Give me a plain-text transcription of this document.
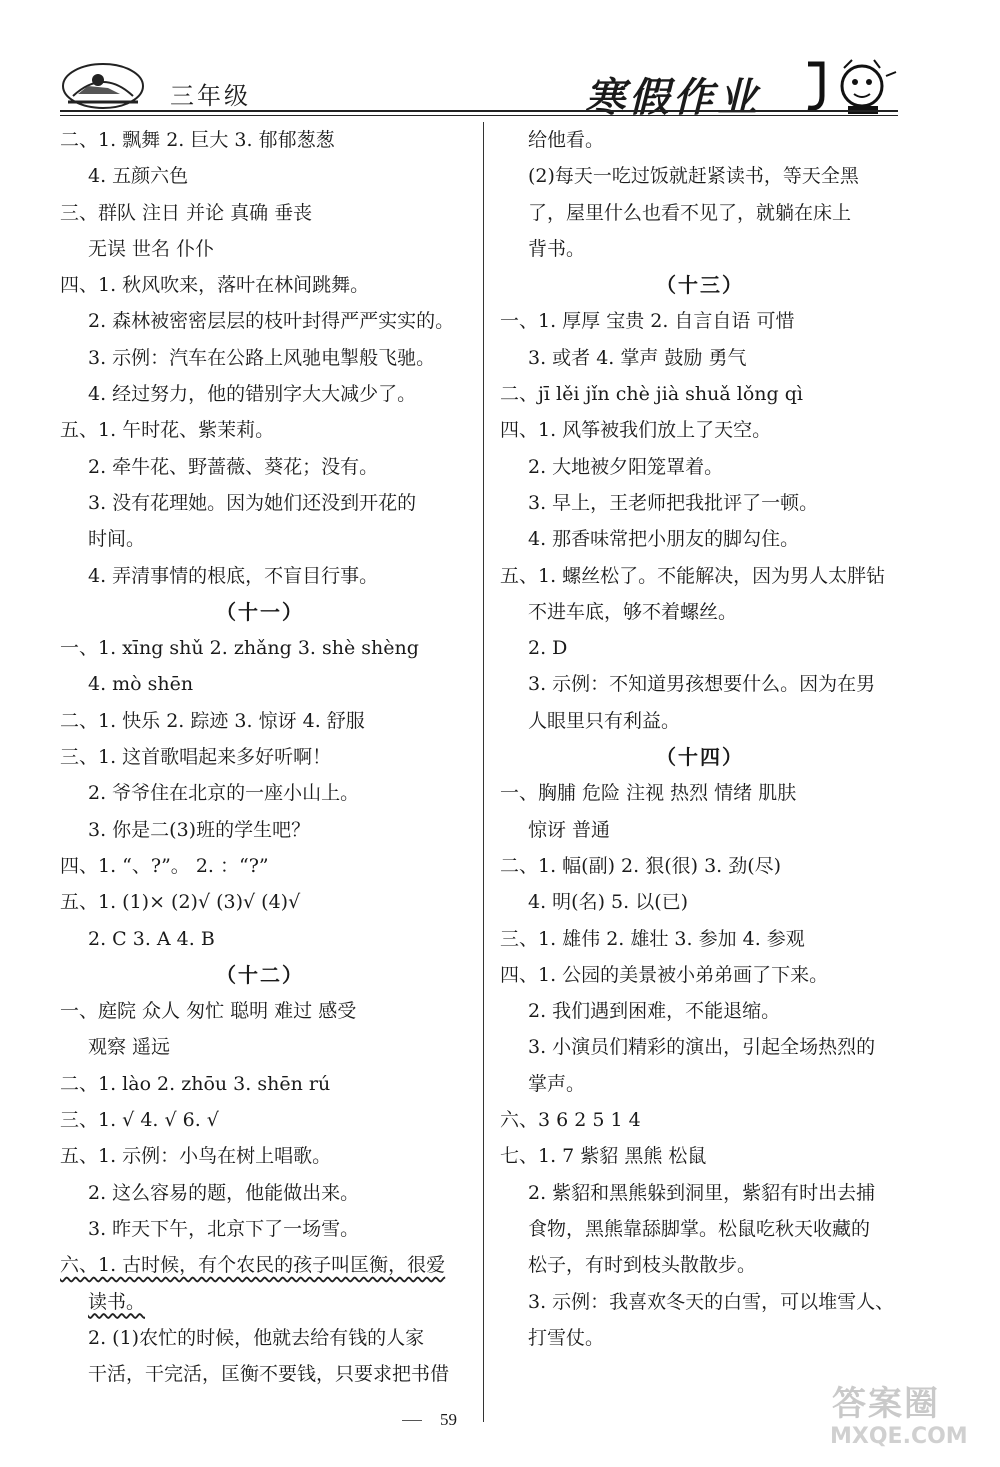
三年级	寒假作业
二、1. 飘舞 2. 巨大 3. 郁郁葱葱
4. 五颜六色
三、群队 注日 并论 真确 垂丧
无误 世名 仆仆
四、1. 秋风吹来，落叶在林间跳舞。
2. 森林被密密层层的枝叶封得严严实实的。
3. 示例：汽车在公路上风驰电掣般飞驰。
4. 经过努力，他的错别字大大减少了。
五、1. 午时花、紫茉莉。
2. 牵牛花、野蔷薇、葵花；没有。
3. 没有花理她。因为她们还没到开花的
时间。
4. 弄清事情的根底，不盲目行事。
（十一）
一、1. xīng shǔ 2. zhǎng 3. shè shèng
4. mò shēn
二、1. 快乐 2. 踪迹 3. 惊讶 4. 舒服
三、1. 这首歌唱起来多好听啊！
2. 爷爷住在北京的一座小山上。
3. 你是二(3)班的学生吧？
四、1. “、?”。 2. ：“?”
五、1. (1)× (2)√ (3)√ (4)√
2. C 3. A 4. B
（十二）
一、庭院 众人 匆忙 聪明 难过 感受
观察 遥远
二、1. lào 2. zhōu 3. shēn rú
三、1. √ 4. √ 6. √
五、1. 示例：小鸟在树上唱歌。
2. 这么容易的题，他能做出来。
3. 昨天下午，北京下了一场雪。
六、1. 古时候，有个农民的孩子叫匡衡，很爱
读书。
2. (1)农忙的时候，他就去给有钱的人家
干活，干完活，匡衡不要钱，只要求把书借
给他看。
(2)每天一吃过饭就赶紧读书，等天全黑
了，屋里什么也看不见了，就躺在床上
背书。
（十三）
一、1. 厚厚 宝贵 2. 自言自语 可惜
3. 或者 4. 掌声 鼓励 勇气
二、jī lěi jǐn chè jià shuǎ lǒng qì
四、1. 风筝被我们放上了天空。
2. 大地被夕阳笼罩着。
3. 早上，王老师把我批评了一顿。
4. 那香味常把小朋友的脚勾住。
五、1. 螺丝松了。不能解决，因为男人太胖钻
不进车底，够不着螺丝。
2. D
3. 示例：不知道男孩想要什么。因为在男
人眼里只有利益。
（十四）
一、胸脯 危险 注视 热烈 情绪 肌肤
惊讶 普通
二、1. 幅(副) 2. 狠(很) 3. 劲(尽)
4. 明(名) 5. 以(已)
三、1. 雄伟 2. 雄壮 3. 参加 4. 参观
四、1. 公园的美景被小弟弟画了下来。
2. 我们遇到困难，不能退缩。
3. 小演员们精彩的演出，引起全场热烈的
掌声。
六、3 6 2 5 1 4
七、1. 7 紫貂 黑熊 松鼠
2. 紫貂和黑熊躲到洞里，紫貂有时出去捕
食物，黑熊靠舔脚掌。松鼠吃秋天收藏的
松子，有时到枝头散散步。
3. 示例：我喜欢冬天的白雪，可以堆雪人、
打雪仗。
59	答案圈
MXQE.COM
